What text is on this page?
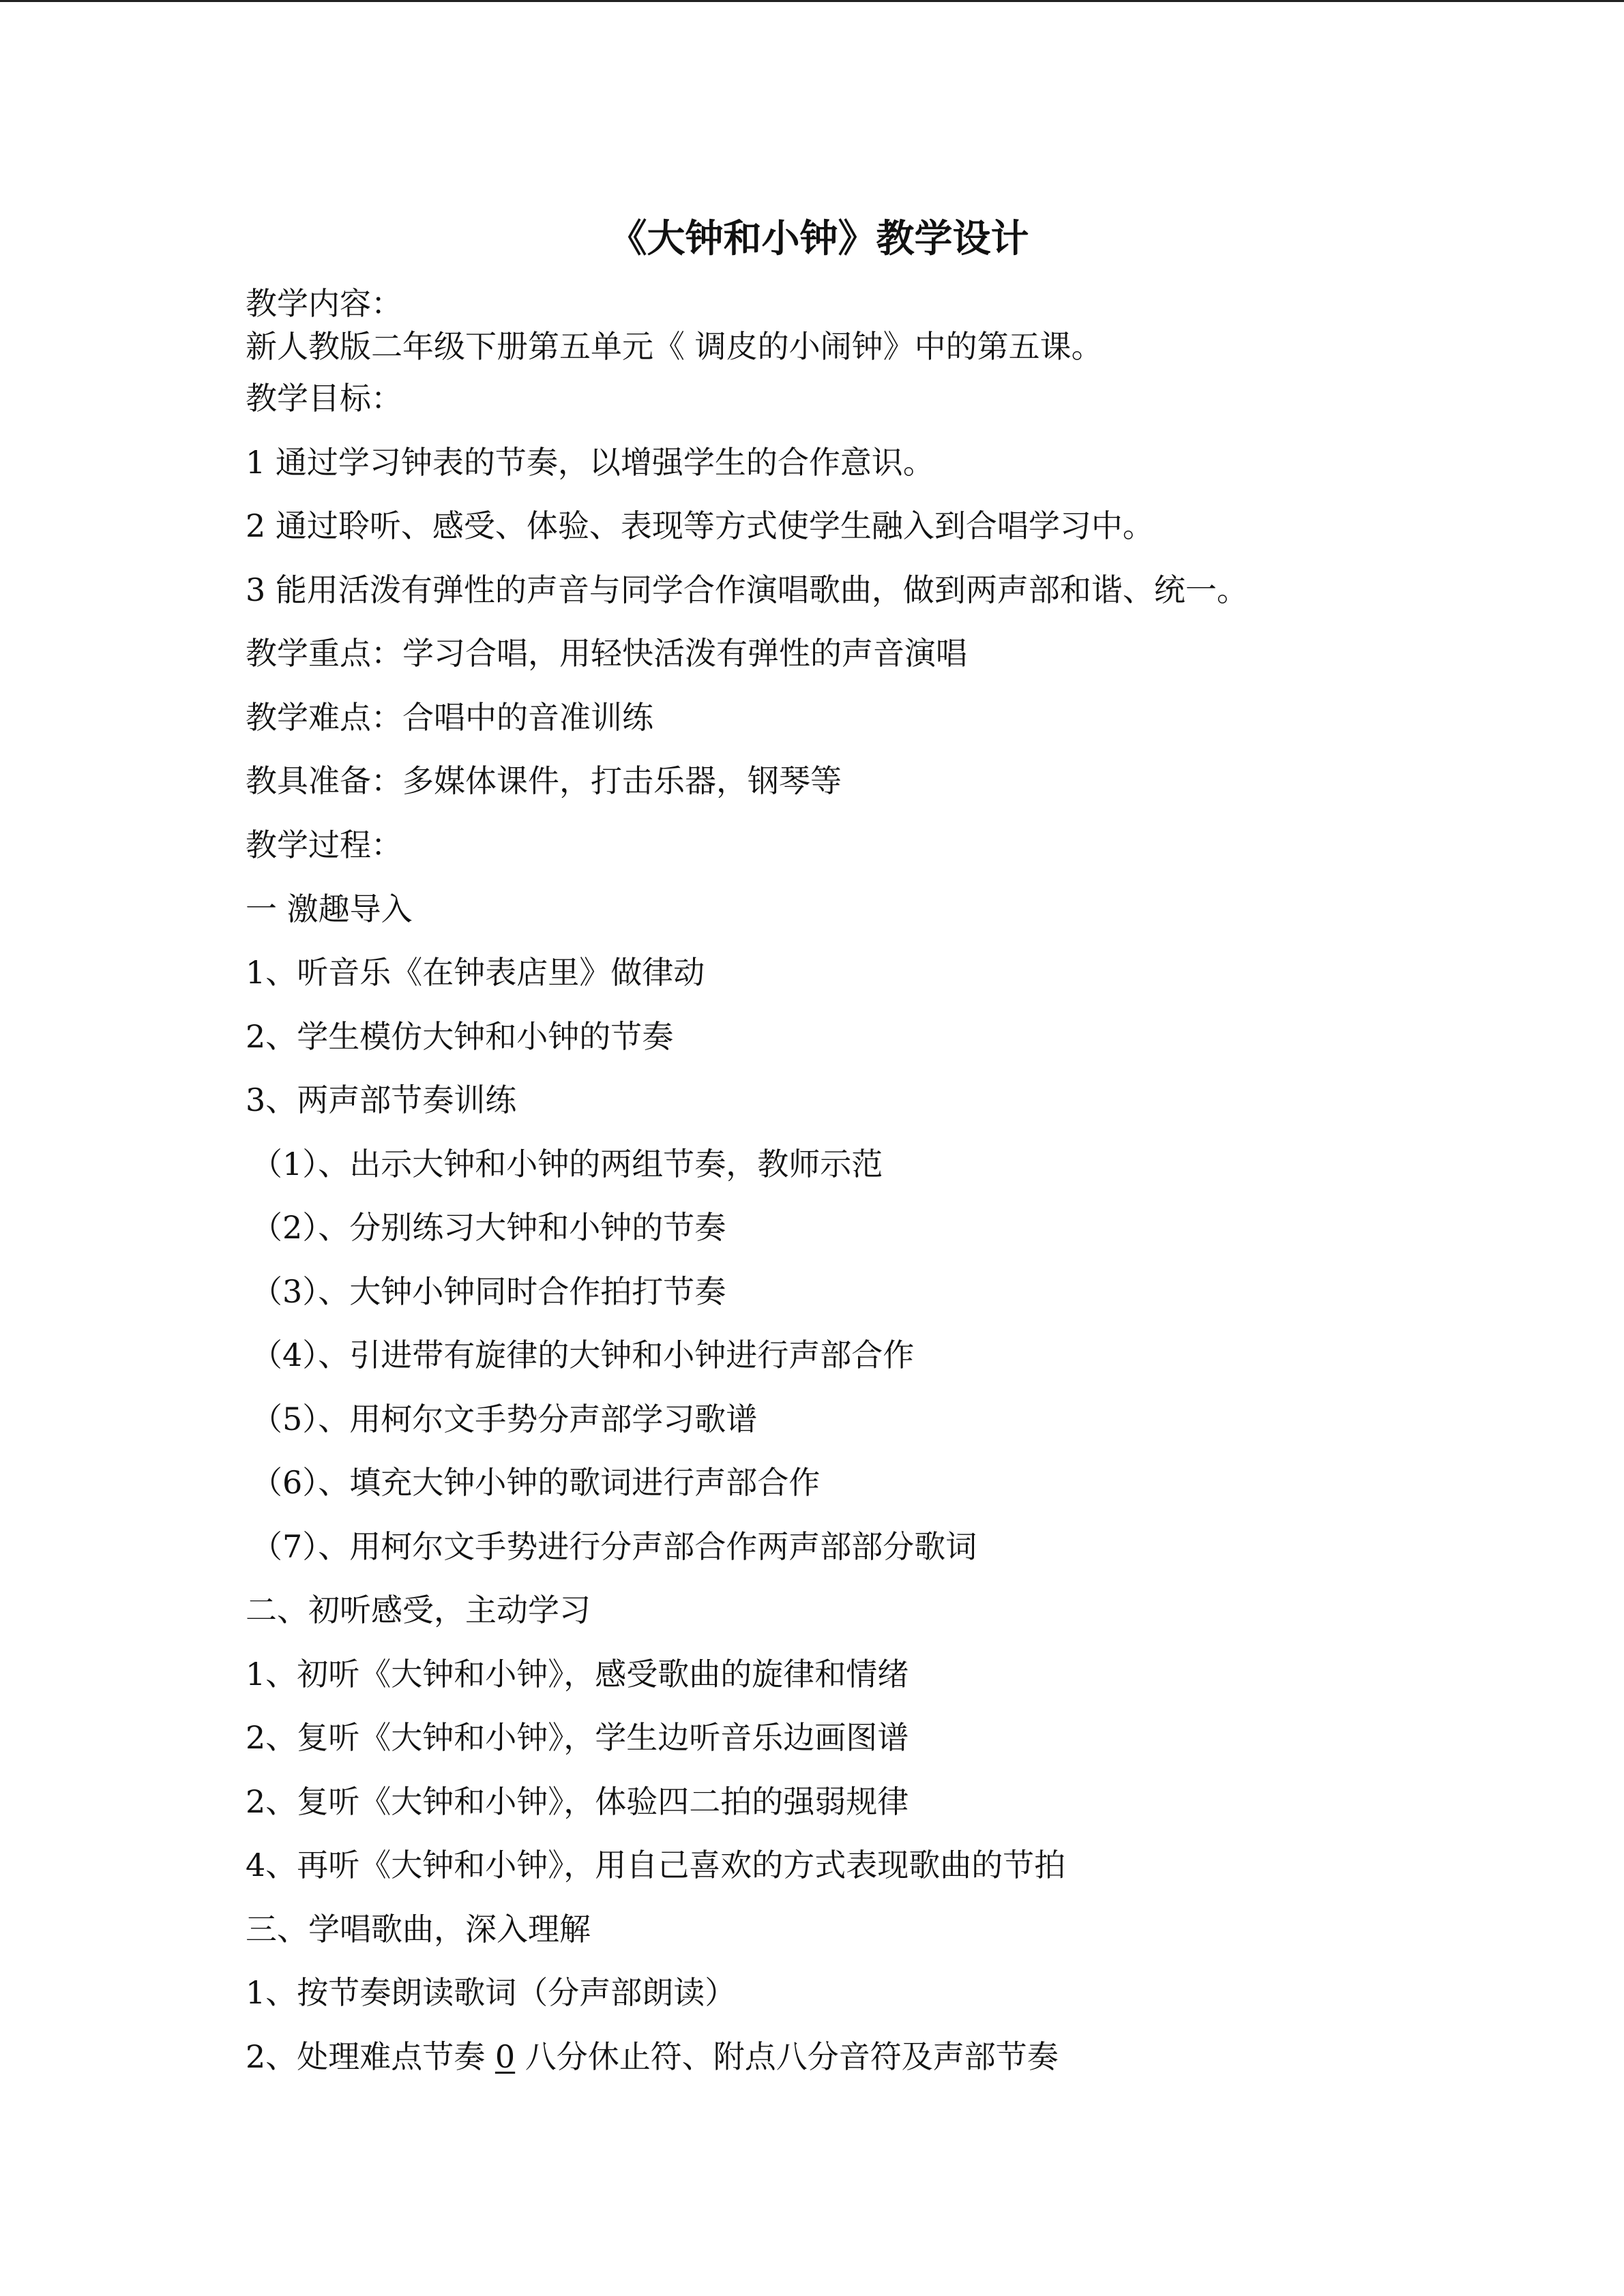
《大钟和小钟》教学设计

教学内容：

新人教版二年级下册第五单元《 调皮的小闹钟》中的第五课。

教学目标：

1 通过学习钟表的节奏，以增强学生的合作意识。

2 通过聆听、感受、体验、表现等方式使学生融入到合唱学习中。

3 能用活泼有弹性的声音与同学合作演唱歌曲，做到两声部和谐、统一。

教学重点：学习合唱，用轻快活泼有弹性的声音演唱

教学难点：合唱中的音准训练

教具准备：多媒体课件，打击乐器，钢琴等

教学过程：

一 激趣导入

1、听音乐《在钟表店里》做律动

2、学生模仿大钟和小钟的节奏

3、两声部节奏训练

（1）、出示大钟和小钟的两组节奏，教师示范

（2）、分别练习大钟和小钟的节奏

（3）、大钟小钟同时合作拍打节奏

（4）、引进带有旋律的大钟和小钟进行声部合作

（5）、用柯尔文手势分声部学习歌谱

（6）、填充大钟小钟的歌词进行声部合作

（7）、用柯尔文手势进行分声部合作两声部部分歌词

二、初听感受，主动学习

1、初听《大钟和小钟》，感受歌曲的旋律和情绪

2、复听《大钟和小钟》，学生边听音乐边画图谱

2、复听《大钟和小钟》，体验四二拍的强弱规律

4、再听《大钟和小钟》，用自己喜欢的方式表现歌曲的节拍

三、学唱歌曲，深入理解

1、按节奏朗读歌词（分声部朗读）

2、处理难点节奏 0 八分休止符、附点八分音符及声部节奏
